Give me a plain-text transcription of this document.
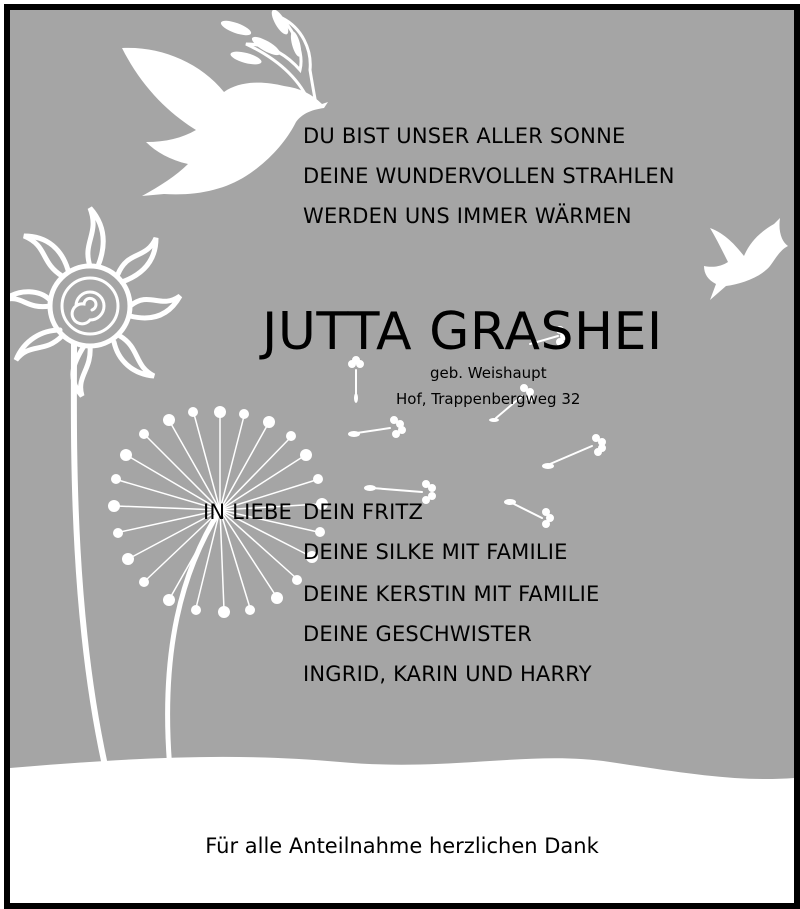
DU BIST UNSER ALLER SONNE

DEINE WUNDERVOLLEN STRAHLEN

WERDEN UNS IMMER WÄRMEN

JUTTA GRASHEI

geb. Weishaupt

Hof, Trappenbergweg 32

IN LIEBE DEIN FRITZ

DEINE SILKE MIT FAMILIE

DEINE KERSTIN MIT FAMILIE

DEINE GESCHWISTER

INGRID, KARIN UND HARRY

Für alle Anteilnahme herzlichen Dank
